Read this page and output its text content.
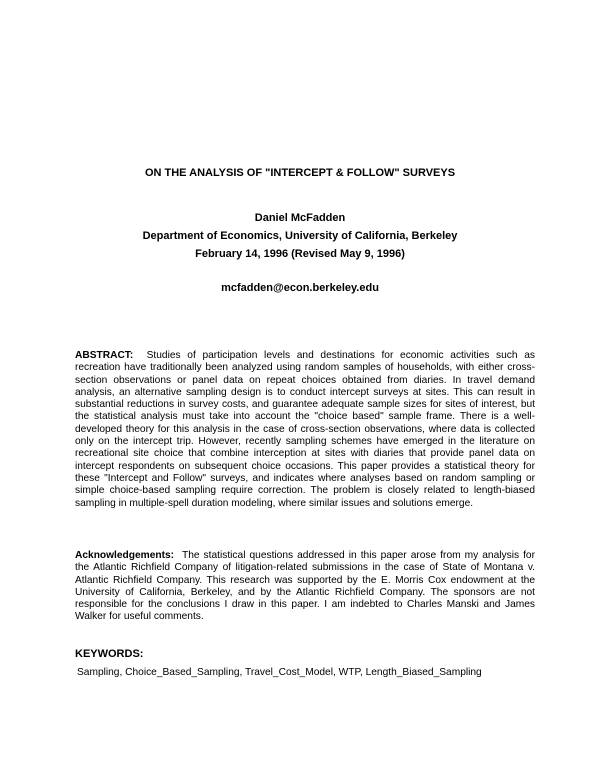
ON THE ANALYSIS OF "INTERCEPT & FOLLOW" SURVEYS
Daniel McFadden
Department of Economics, University of California, Berkeley
February 14, 1996 (Revised May 9, 1996)
mcfadden@econ.berkeley.edu
ABSTRACT: Studies of participation levels and destinations for economic activities such as recreation have traditionally been analyzed using random samples of households, with either cross-section observations or panel data on repeat choices obtained from diaries. In travel demand analysis, an alternative sampling design is to conduct intercept surveys at sites. This can result in substantial reductions in survey costs, and guarantee adequate sample sizes for sites of interest, but the statistical analysis must take into account the "choice based" sample frame. There is a well-developed theory for this analysis in the case of cross-section observations, where data is collected only on the intercept trip. However, recently sampling schemes have emerged in the literature on recreational site choice that combine interception at sites with diaries that provide panel data on intercept respondents on subsequent choice occasions. This paper provides a statistical theory for these "Intercept and Follow" surveys, and indicates where analyses based on random sampling or simple choice-based sampling require correction. The problem is closely related to length-biased sampling in multiple-spell duration modeling, where similar issues and solutions emerge.
Acknowledgements: The statistical questions addressed in this paper arose from my analysis for the Atlantic Richfield Company of litigation-related submissions in the case of State of Montana v. Atlantic Richfield Company. This research was supported by the E. Morris Cox endowment at the University of California, Berkeley, and by the Atlantic Richfield Company. The sponsors are not responsible for the conclusions I draw in this paper. I am indebted to Charles Manski and James Walker for useful comments.
KEYWORDS:
Sampling, Choice_Based_Sampling, Travel_Cost_Model, WTP, Length_Biased_Sampling
